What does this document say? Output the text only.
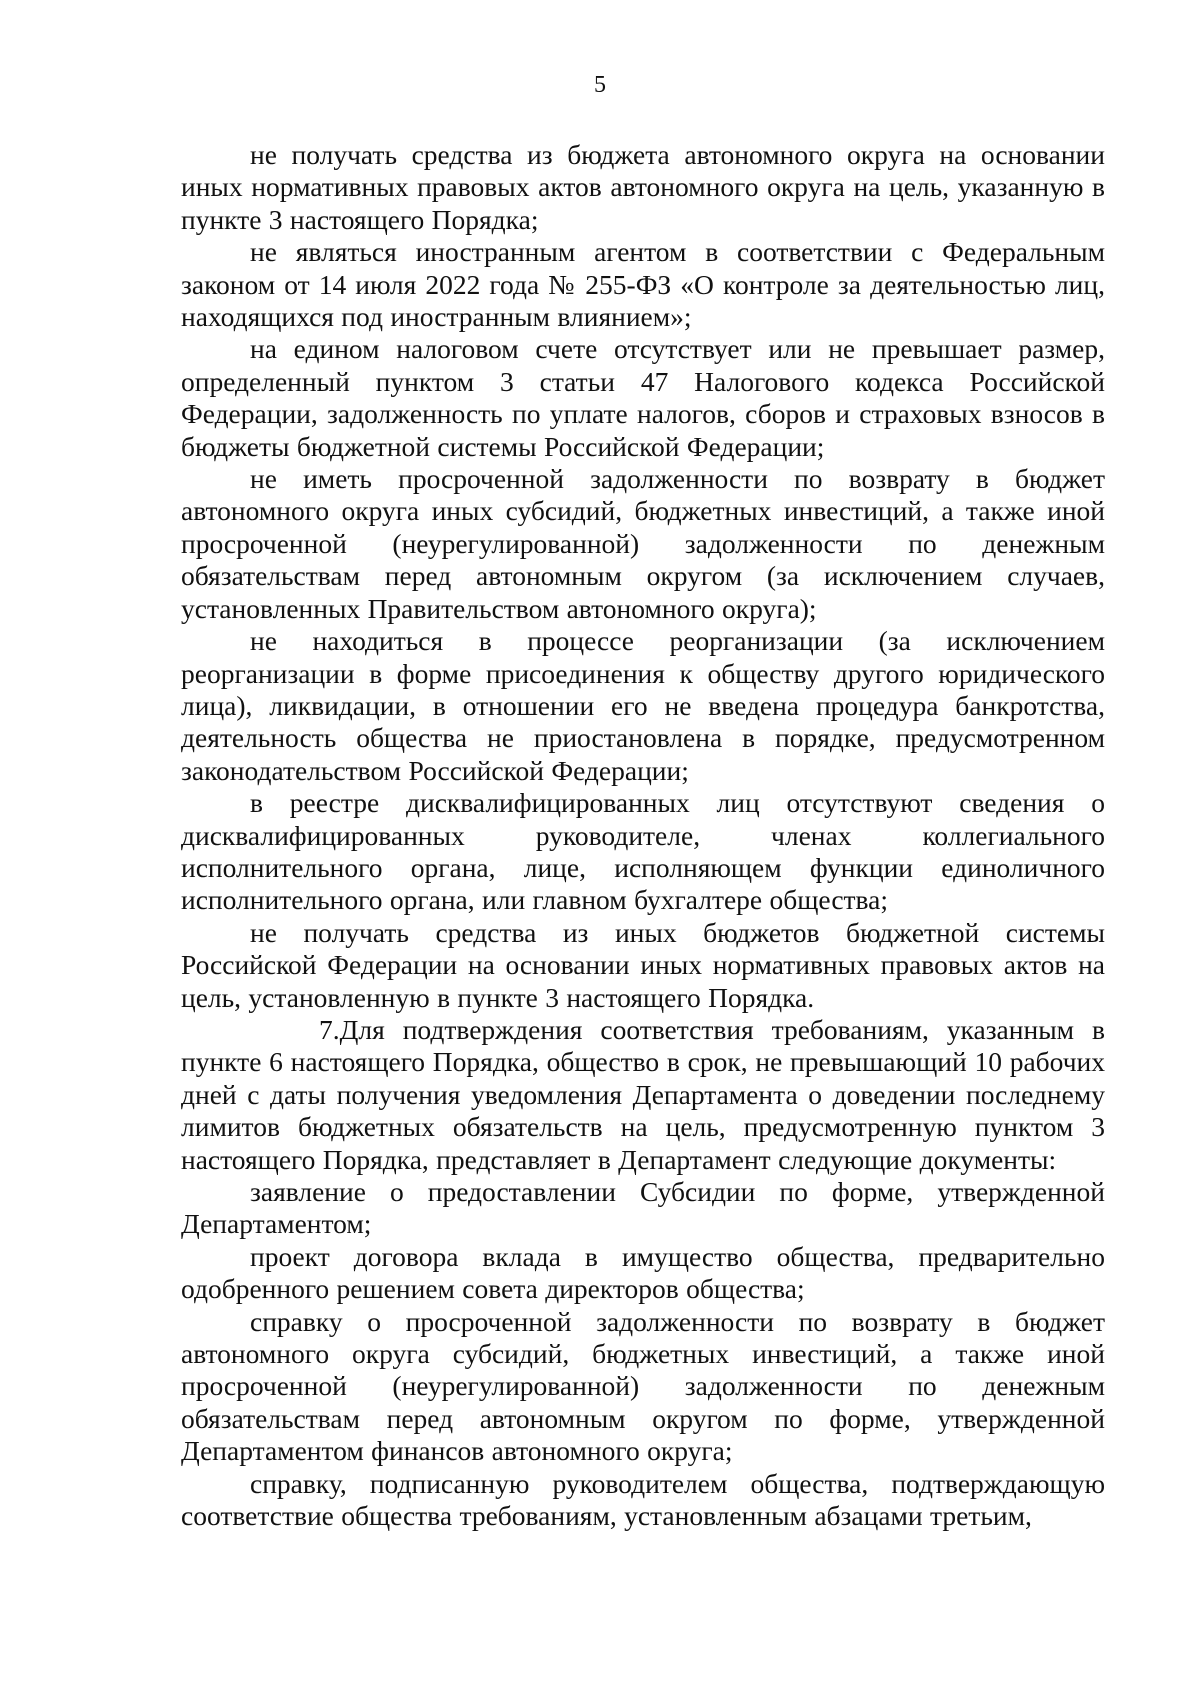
5

не получать средства из бюджета автономного округа на основании иных нормативных правовых актов автономного округа на цель, указанную в пункте 3 настоящего Порядка;

не являться иностранным агентом в соответствии с Федеральным законом от 14 июля 2022 года № 255-ФЗ «О контроле за деятельностью лиц, находящихся под иностранным влиянием»;

на едином налоговом счете отсутствует или не превышает размер, определенный пунктом 3 статьи 47 Налогового кодекса Российской Федерации, задолженность по уплате налогов, сборов и страховых взносов в бюджеты бюджетной системы Российской Федерации;

не иметь просроченной задолженности по возврату в бюджет автономного округа иных субсидий, бюджетных инвестиций, а также иной просроченной (неурегулированной) задолженности по денежным обязательствам перед автономным округом (за исключением случаев, установленных Правительством автономного округа);

не находиться в процессе реорганизации (за исключением реорганизации в форме присоединения к обществу другого юридического лица), ликвидации, в отношении его не введена процедура банкротства, деятельность общества не приостановлена в порядке, предусмотренном законодательством Российской Федерации;

в реестре дисквалифицированных лиц отсутствуют сведения о дисквалифицированных руководителе, членах коллегиального исполнительного органа, лице, исполняющем функции единоличного исполнительного органа, или главном бухгалтере общества;

не получать средства из иных бюджетов бюджетной системы Российской Федерации на основании иных нормативных правовых актов на цель, установленную в пункте 3 настоящего Порядка.

7.Для подтверждения соответствия требованиям, указанным в пункте 6 настоящего Порядка, общество в срок, не превышающий 10 рабочих дней с даты получения уведомления Департамента о доведении последнему лимитов бюджетных обязательств на цель, предусмотренную пунктом 3 настоящего Порядка, представляет в Департамент следующие документы:

заявление о предоставлении Субсидии по форме, утвержденной Департаментом;

проект договора вклада в имущество общества, предварительно одобренного решением совета директоров общества;

справку о просроченной задолженности по возврату в бюджет автономного округа субсидий, бюджетных инвестиций, а также иной просроченной (неурегулированной) задолженности по денежным обязательствам перед автономным округом по форме, утвержденной Департаментом финансов автономного округа;

справку, подписанную руководителем общества, подтверждающую соответствие общества требованиям, установленным абзацами третьим,
